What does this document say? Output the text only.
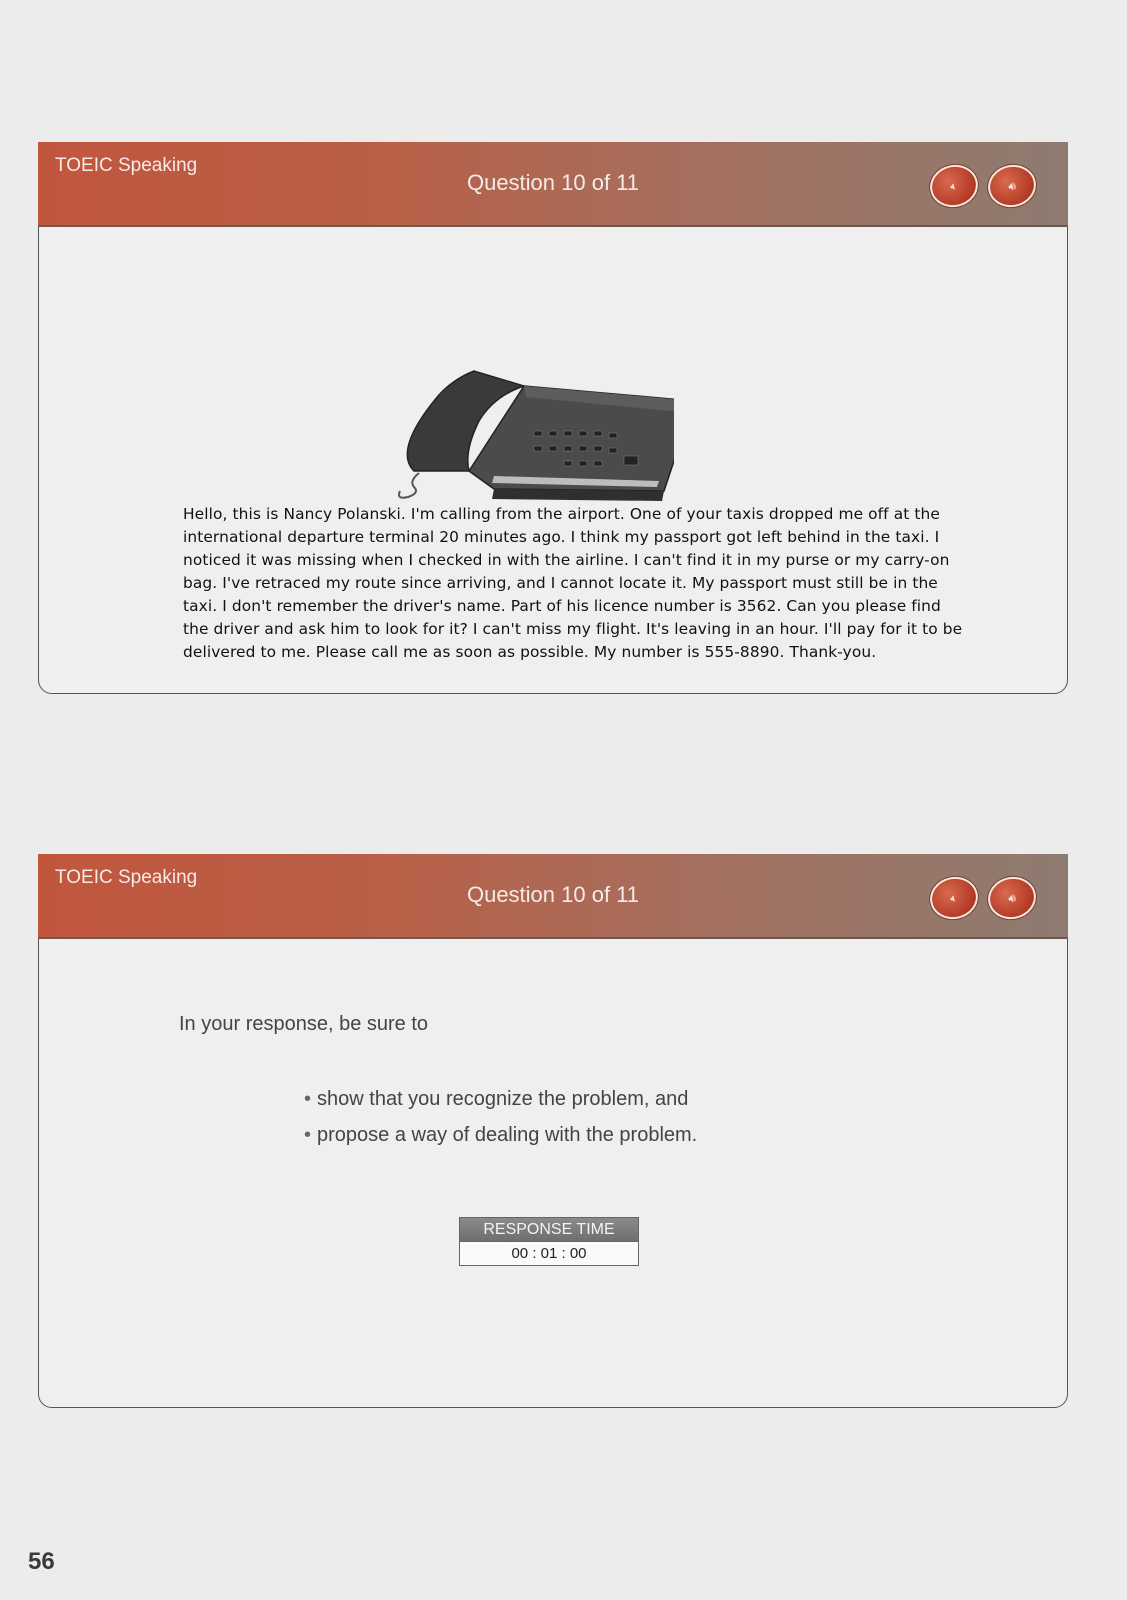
TOEIC Speaking
Question 10 of 11	🔈︎	🔊︎

Hello, this is Nancy Polanski. I'm calling from the airport. One of your taxis dropped me off at the international departure terminal 20 minutes ago. I think my passport got left behind in the taxi. I noticed it was missing when I checked in with the airline. I can't find it in my purse or my carry-on bag. I've retraced my route since arriving, and I cannot locate it. My passport must still be in the taxi. I don't remember the driver's name. Part of his licence number is 3562. Can you please find the driver and ask him to look for it? I can't miss my flight. It's leaving in an hour. I'll pay for it to be delivered to me. Please call me as soon as possible. My number is 555-8890. Thank-you.

TOEIC Speaking
Question 10 of 11	🔈︎	🔊︎

In your response, be sure to

• show that you recognize the problem, and
• propose a way of dealing with the problem.
RESPONSE TIME
00 : 01 : 00
56
